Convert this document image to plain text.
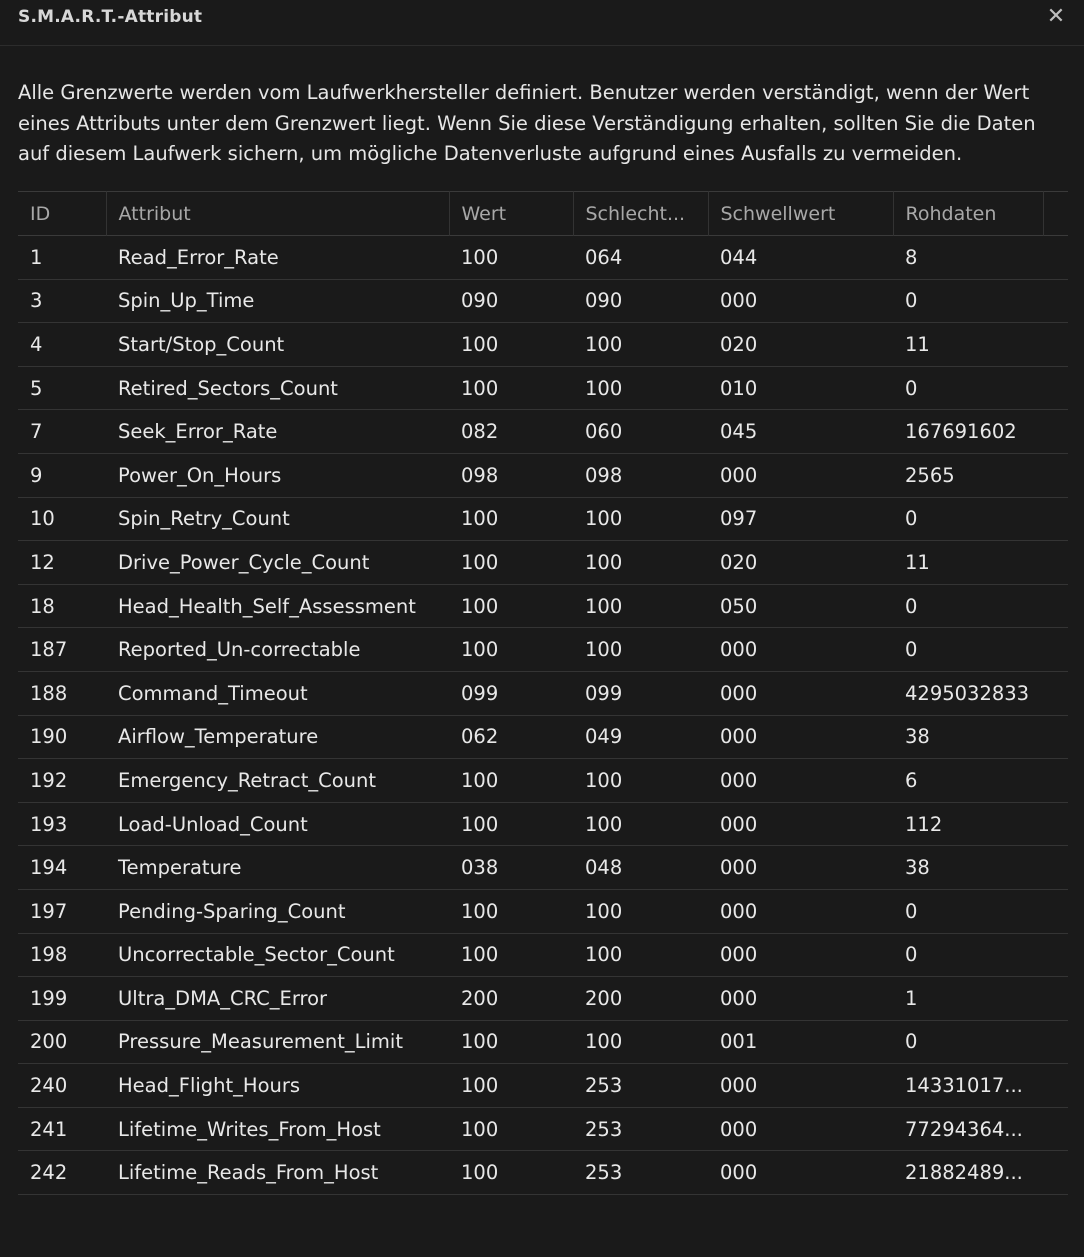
S.M.A.R.T.-Attribut	✕
Alle Grenzwerte werden vom Laufwerkhersteller definiert. Benutzer werden verständigt, wenn der Wert eines Attributs unter dem Grenzwert liegt. Wenn Sie diese Verständigung erhalten, sollten Sie die Daten auf diesem Laufwerk sichern, um mögliche Datenverluste aufgrund eines Ausfalls zu vermeiden.
ID	Attribut	Wert	Schlecht...	Schwellwert	Rohdaten	
1	Read_Error_Rate	100	064	044	8	
3	Spin_Up_Time	090	090	000	0	
4	Start/Stop_Count	100	100	020	11	
5	Retired_Sectors_Count	100	100	010	0	
7	Seek_Error_Rate	082	060	045	167691602	
9	Power_On_Hours	098	098	000	2565	
10	Spin_Retry_Count	100	100	097	0	
12	Drive_Power_Cycle_Count	100	100	020	11	
18	Head_Health_Self_Assessment	100	100	050	0	
187	Reported_Un-correctable	100	100	000	0	
188	Command_Timeout	099	099	000	4295032833	
190	Airflow_Temperature	062	049	000	38	
192	Emergency_Retract_Count	100	100	000	6	
193	Load-Unload_Count	100	100	000	112	
194	Temperature	038	048	000	38	
197	Pending-Sparing_Count	100	100	000	0	
198	Uncorrectable_Sector_Count	100	100	000	0	
199	Ultra_DMA_CRC_Error	200	200	000	1	
200	Pressure_Measurement_Limit	100	100	001	0	
240	Head_Flight_Hours	100	253	000	14331017...	
241	Lifetime_Writes_From_Host	100	253	000	77294364...	
242	Lifetime_Reads_From_Host	100	253	000	21882489...	
